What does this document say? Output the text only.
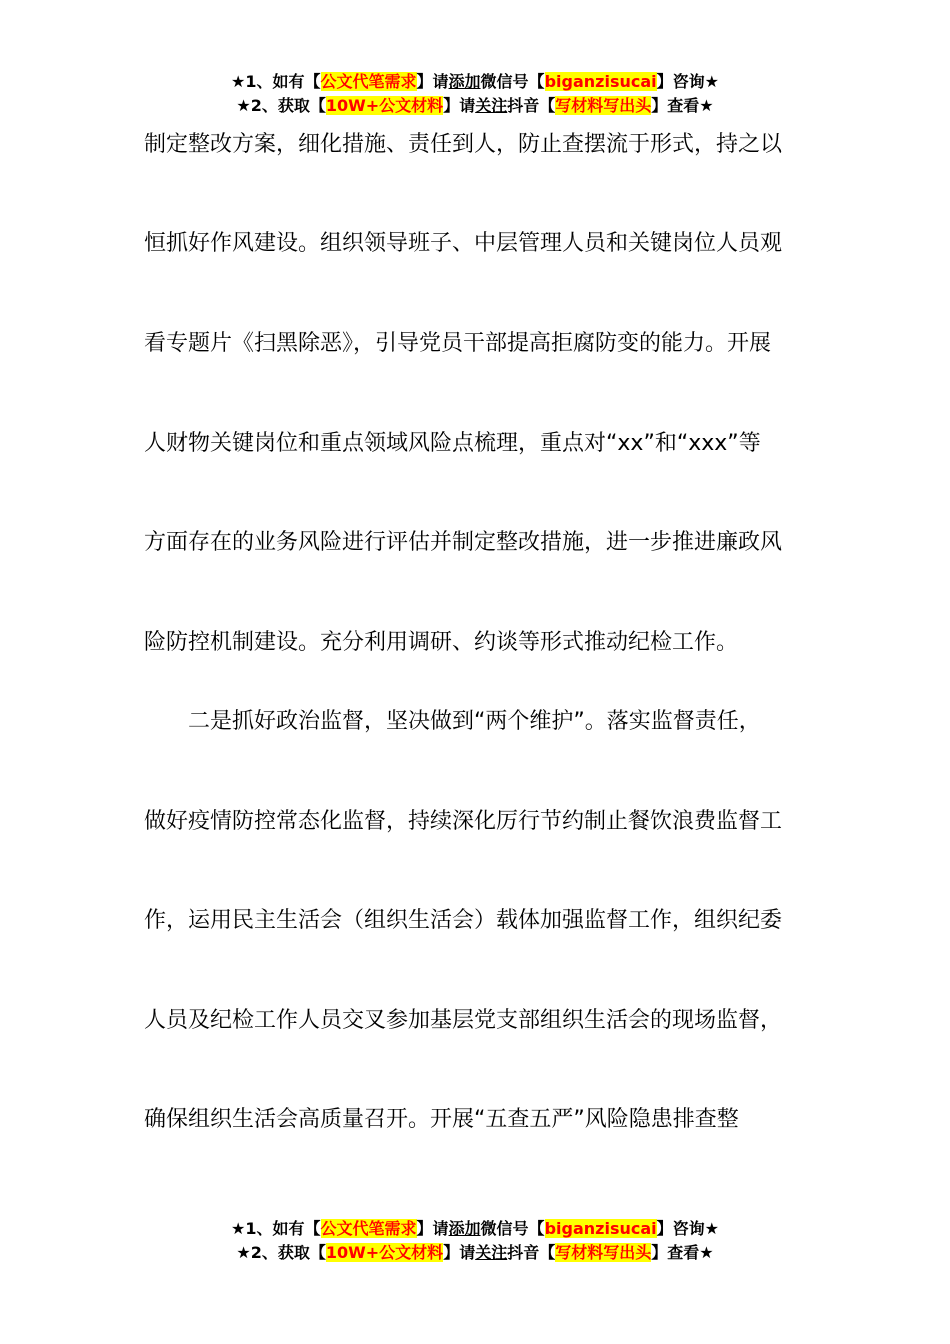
★1、如有【公文代笔需求】请添加微信号【biganzisucai】咨询★
★2、获取【10W+公文材料】请关注抖音【写材料写出头】查看★
制定整改方案，细化措施、责任到人，防止查摆流于形式，持之以
恒抓好作风建设。组织领导班子、中层管理人员和关键岗位人员观
看专题片《扫黑除恶》，引导党员干部提高拒腐防变的能力。开展
人财物关键岗位和重点领域风险点梳理，重点对“xx”和“xxx”等
方面存在的业务风险进行评估并制定整改措施，进一步推进廉政风
险防控机制建设。充分利用调研、约谈等形式推动纪检工作。
　　二是抓好政治监督，坚决做到“两个维护”。落实监督责任，
做好疫情防控常态化监督，持续深化厉行节约制止餐饮浪费监督工
作，运用民主生活会（组织生活会）载体加强监督工作，组织纪委
人员及纪检工作人员交叉参加基层党支部组织生活会的现场监督，
确保组织生活会高质量召开。开展“五查五严”风险隐患排查整
★1、如有【公文代笔需求】请添加微信号【biganzisucai】咨询★
★2、获取【10W+公文材料】请关注抖音【写材料写出头】查看★
